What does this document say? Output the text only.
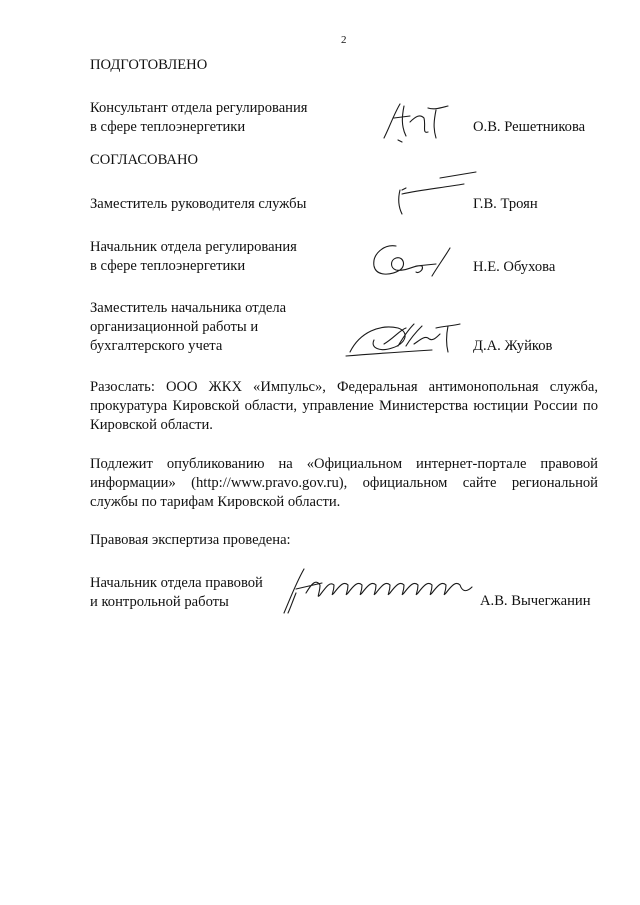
2
ПОДГОТОВЛЕНО
Консультант отдела регулирования
в сфере теплоэнергетики	О.В. Решетникова
СОГЛАСОВАНО
Заместитель руководителя службы	Г.В. Троян
Начальник отдела регулирования
в сфере теплоэнергетики	Н.Е. Обухова
Заместитель начальника отдела
организационной работы и
бухгалтерского учета	Д.А. Жуйков
Разослать: ООО ЖКХ «Импульс», Федеральная антимонопольная служба, прокуратура Кировской области, управление Министерства юстиции России по Кировской области.
Подлежит опубликованию на «Официальном интернет-портале правовой информации» (http://www.pravo.gov.ru), официальном сайте региональной службы по тарифам Кировской области.
Правовая экспертиза проведена:
Начальник отдела правовой
и контрольной работы	А.В. Вычегжанин
